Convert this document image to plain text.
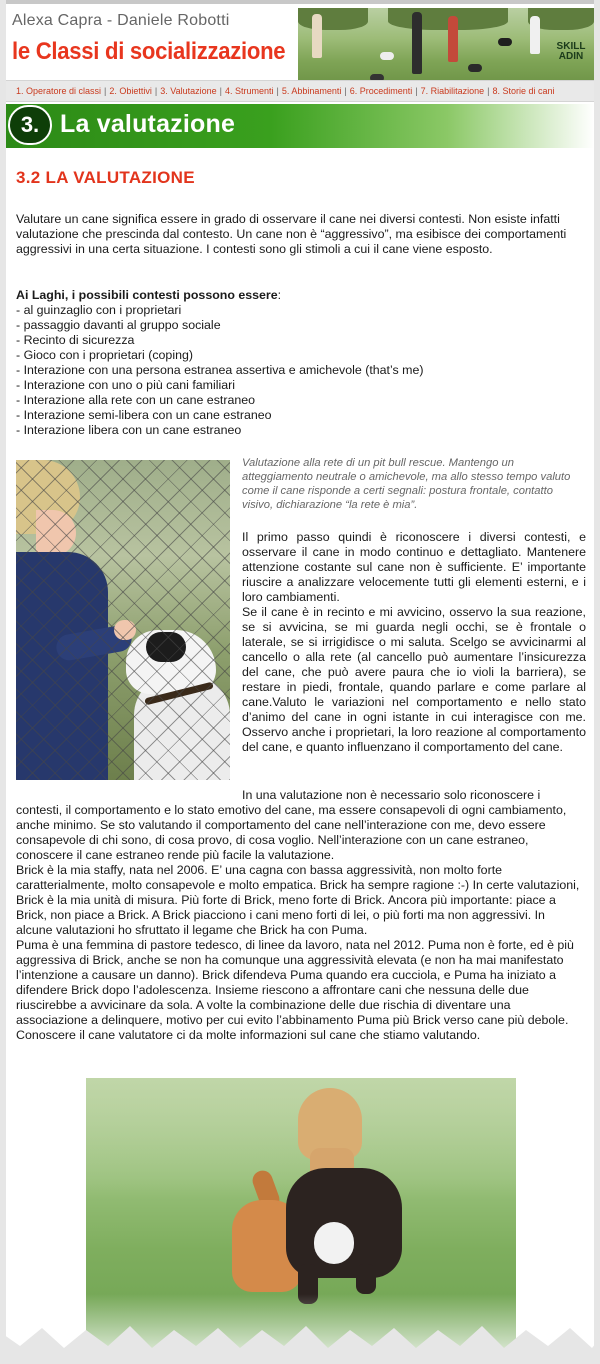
Alexa Capra - Daniele Robotti
le Classi di socializzazione	SKILL
ADIN
1. Operatore di classi | 2. Obiettivi | 3. Valutazione | 4. Strumenti | 5. Abbinamenti | 6. Procedimenti | 7. Riabilitazione | 8. Storie di cani
3. La valutazione
3.2 LA VALUTAZIONE

Valutare un cane significa essere in grado di osservare il cane nei diversi contesti. Non esiste infatti valutazione che prescinda dal contesto. Un cane non è “aggressivo”, ma esibisce dei comportamenti aggressivi in una certa situazione. I contesti sono gli stimoli a cui il cane viene esposto.

Ai Laghi, i possibili contesti possono essere:
- al guinzaglio con i proprietari
- passaggio davanti al gruppo sociale
- Recinto di sicurezza
- Gioco con i proprietari (coping)
- Interazione con una persona estranea assertiva e amichevole (that’s me)
- Interazione con uno o più cani familiari
- Interazione alla rete con un cane estraneo
- Interazione semi-libera con un cane estraneo
- Interazione libera con un cane estraneo

Valutazione alla rete di un pit bull rescue. Mantengo un atteggiamento neutrale o amichevole, ma allo stesso tempo valuto come il cane risponde a certi segnali: postura frontale, contatto visivo, dichiarazione “la rete è mia”.

Il primo passo quindi è riconoscere i diversi contesti, e osservare il cane in modo continuo e dettagliato. Mantenere attenzione costante sul cane non è sufficiente. E’ importante riuscire a analizzare velocemente tutti gli elementi esterni, e i loro cambiamenti.
Se il cane è in recinto e mi avvicino, osservo la sua reazione, se si avvicina, se mi guarda negli occhi, se è frontale o laterale, se si irrigidisce o mi saluta. Scelgo se avvicinarmi al cancello o alla rete (al cancello può aumentare l’insicurezza del cane, che può avere paura che io violi la barriera), se restare in piedi, frontale, quando parlare e come parlare al cane.Valuto le variazioni nel comportamento e nello stato d’animo del cane in ogni istante in cui interagisce con me. Osservo anche i proprietari, la loro reazione al comportamento del cane, e quanto influenzano il comportamento del cane.
In una valutazione non è necessario solo riconoscere i
contesti, il comportamento e lo stato emotivo del cane, ma essere consapevoli di ogni cambiamento, anche minimo. Se sto valutando il comportamento del cane nell’interazione con me, devo essere consapevole di chi sono, di cosa provo, di cosa voglio. Nell’interazione con un cane estraneo, conoscere il cane estraneo rende più facile la valutazione.
Brick è la mia staffy, nata nel 2006. E’ una cagna con bassa aggressività, non molto forte caratterialmente, molto consapevole e molto empatica. Brick ha sempre ragione :-) In certe valutazioni, Brick è la mia unità di misura. Più forte di Brick, meno forte di Brick. Ancora più importante: piace a Brick, non piace a Brick. A Brick piacciono i cani meno forti di lei, o più forti ma non aggressivi. In alcune valutazioni ho sfruttato il legame che Brick ha con Puma.
Puma è una femmina di pastore tedesco, di linee da lavoro, nata nel 2012. Puma non è forte, ed è più aggressiva di Brick, anche se non ha comunque una aggressività elevata (e non ha mai manifestato l’intenzione a causare un danno). Brick difendeva Puma quando era cucciola, e Puma ha iniziato a difendere Brick dopo l’adolescenza. Insieme riescono a affrontare cani che nessuna delle due riuscirebbe a avvicinare da sola. A volte la combinazione delle due rischia di diventare una associazione a delinquere, motivo per cui evito l’abbinamento Puma più Brick verso cane più debole.
Conoscere il cane valutatore ci da molte informazioni sul cane che stiamo valutando.
